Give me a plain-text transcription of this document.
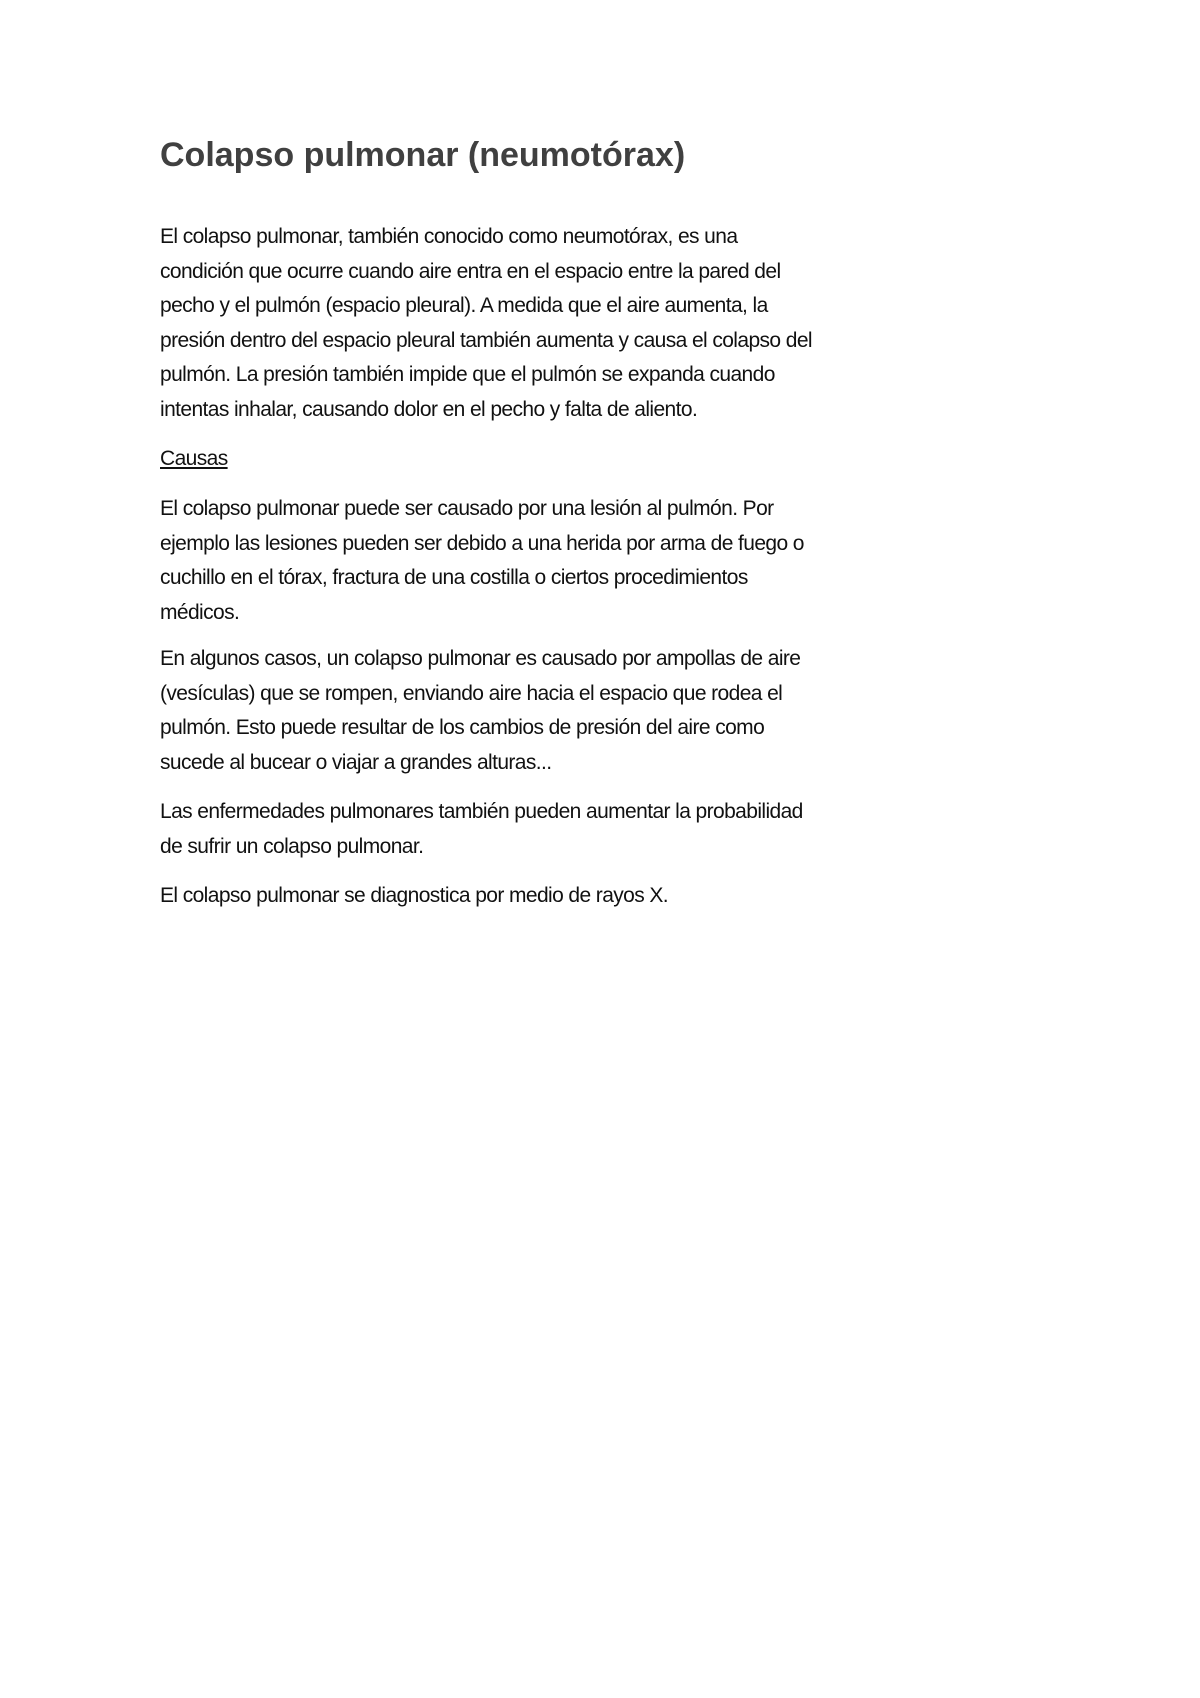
Colapso pulmonar (neumotórax)

El colapso pulmonar, también conocido como neumotórax, es una
condición que ocurre cuando aire entra en el espacio entre la pared del
pecho y el pulmón (espacio pleural). A medida que el aire aumenta, la
presión dentro del espacio pleural también aumenta y causa el colapso del
pulmón. La presión también impide que el pulmón se expanda cuando
intentas inhalar, causando dolor en el pecho y falta de aliento.

Causas

El colapso pulmonar puede ser causado por una lesión al pulmón. Por
ejemplo las lesiones pueden ser debido a una herida por arma de fuego o
cuchillo en el tórax, fractura de una costilla o ciertos procedimientos
médicos.

En algunos casos, un colapso pulmonar es causado por ampollas de aire
(vesículas) que se rompen, enviando aire hacia el espacio que rodea el
pulmón. Esto puede resultar de los cambios de presión del aire como
sucede al bucear o viajar a grandes alturas...

Las enfermedades pulmonares también pueden aumentar la probabilidad
de sufrir un colapso pulmonar.

El colapso pulmonar se diagnostica por medio de rayos X.
